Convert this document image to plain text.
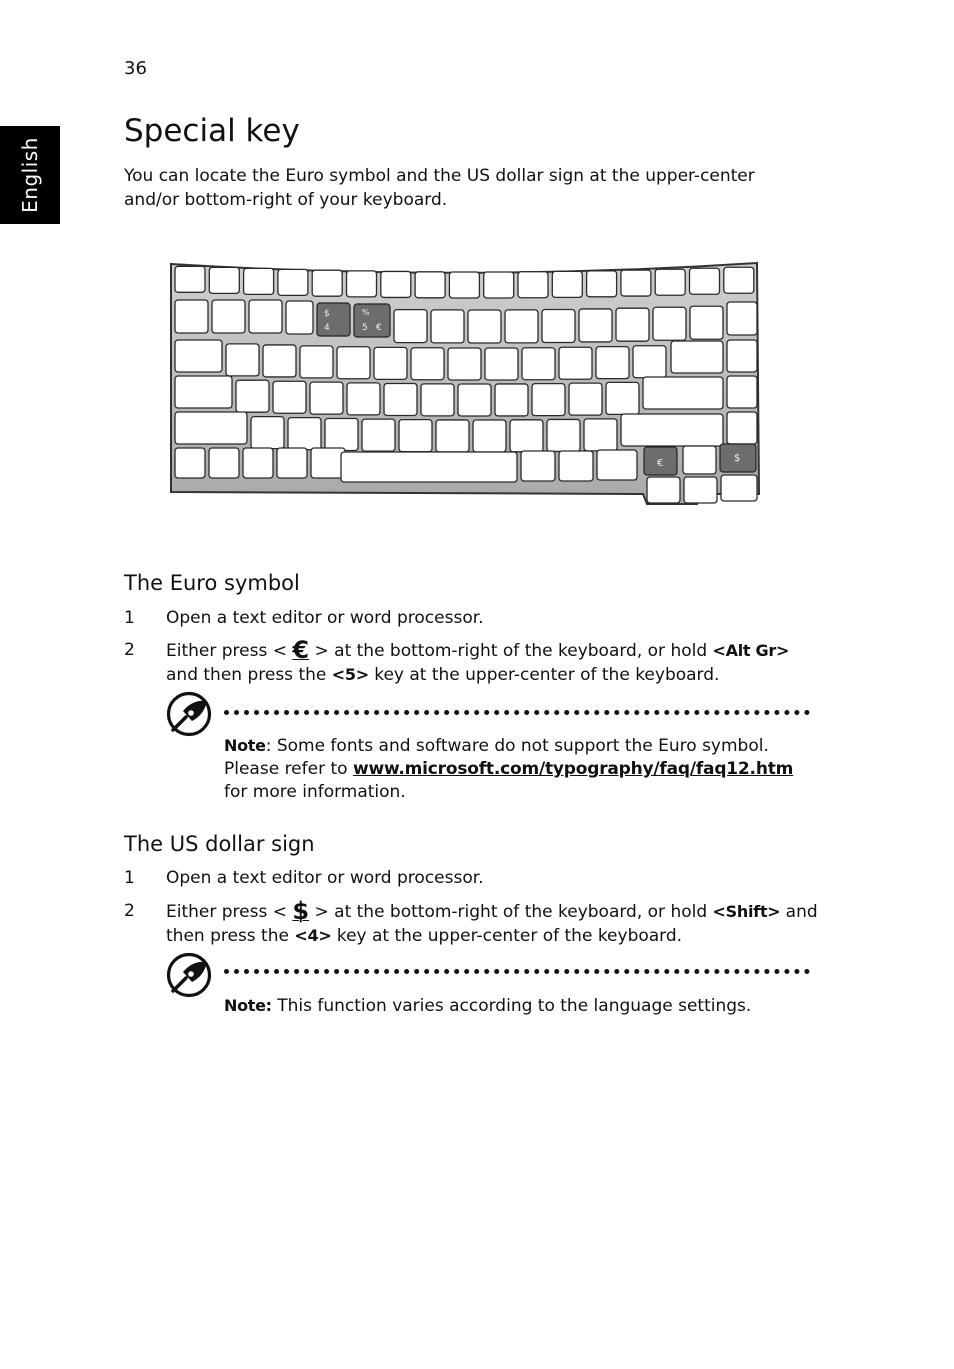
36
English
Special key

You can locate the Euro symbol and the US dollar sign at the upper-center and/or bottom-right of your keyboard.

$
4
%
5 €
€	$
The Euro symbol
1 Open a text editor or word processor.
2 Either press < € > at the bottom-right of the keyboard, or hold <Alt Gr> and then press the <5> key at the upper-center of the keyboard.
Note: Some fonts and software do not support the Euro symbol. Please refer to www.microsoft.com/typography/faq/faq12.htm for more information.
The US dollar sign
1 Open a text editor or word processor.
2 Either press < $ > at the bottom-right of the keyboard, or hold <Shift> and then press the <4> key at the upper-center of the keyboard.
Note: This function varies according to the language settings.
